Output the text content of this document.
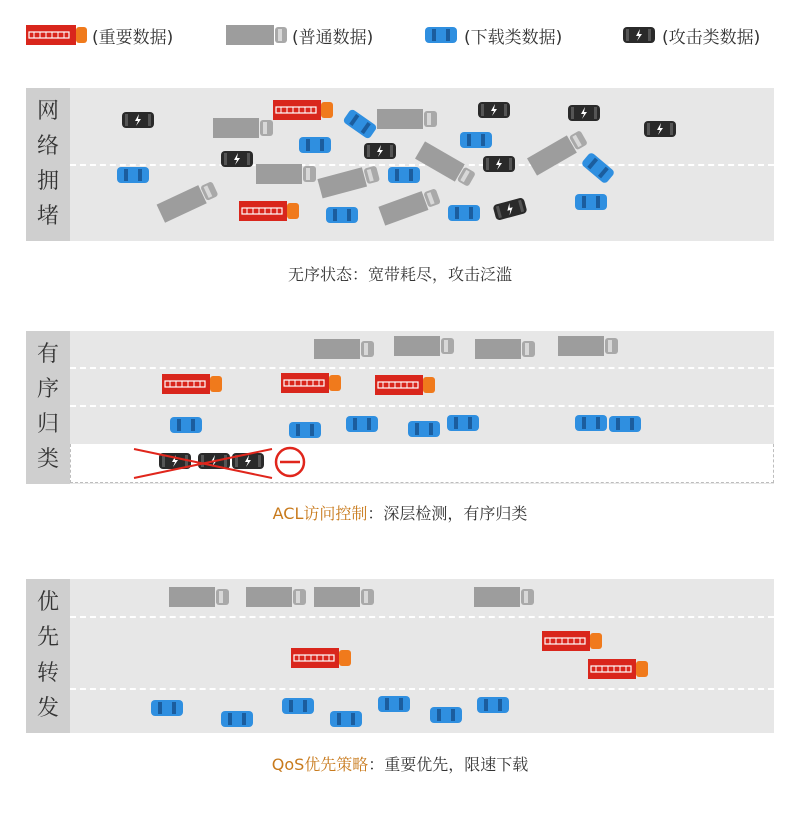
(重要数据)	(普通数据)	(下载类数据)	(攻击类数据)
网
络
拥
堵
无序状态：宽带耗尽，攻击泛滥
有
序
归
类
ACL访问控制：深层检测，有序归类
优
先
转
发
QoS优先策略：重要优先，限速下载
